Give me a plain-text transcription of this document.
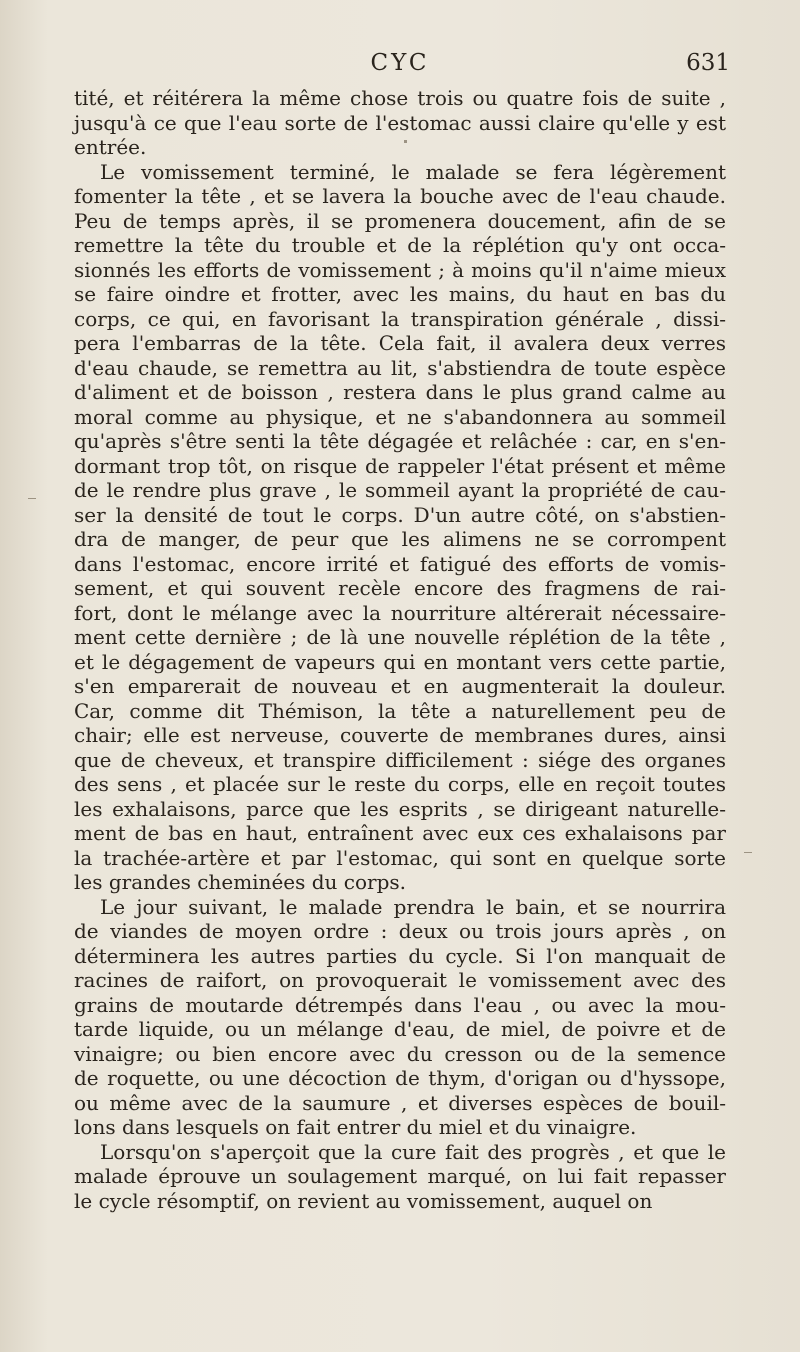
CYC	631
tité, et réitérera la même chose trois ou quatre fois de suite ,
jusqu'à ce que l'eau sorte de l'estomac aussi claire qu'elle y est
entrée.
Le vomissement terminé, le malade se fera légèrement
fomenter la tête , et se lavera la bouche avec de l'eau chaude.
Peu de temps après, il se promenera doucement, afin de se
remettre la tête du trouble et de la réplétion qu'y ont occa-
sionnés les efforts de vomissement ; à moins qu'il n'aime mieux
se faire oindre et frotter, avec les mains, du haut en bas du
corps, ce qui, en favorisant la transpiration générale , dissi-
pera l'embarras de la tête. Cela fait, il avalera deux verres
d'eau chaude, se remettra au lit, s'abstiendra de toute espèce
d'aliment et de boisson , restera dans le plus grand calme au
moral comme au physique, et ne s'abandonnera au sommeil
qu'après s'être senti la tête dégagée et relâchée : car, en s'en-
dormant trop tôt, on risque de rappeler l'état présent et même
de le rendre plus grave , le sommeil ayant la propriété de cau-
ser la densité de tout le corps. D'un autre côté, on s'abstien-
dra de manger, de peur que les alimens ne se corrompent
dans l'estomac, encore irrité et fatigué des efforts de vomis-
sement, et qui souvent recèle encore des fragmens de rai-
fort, dont le mélange avec la nourriture altérerait nécessaire-
ment cette dernière ; de là une nouvelle réplétion de la tête ,
et le dégagement de vapeurs qui en montant vers cette partie,
s'en emparerait de nouveau et en augmenterait la douleur.
Car, comme dit Thémison, la tête a naturellement peu de
chair; elle est nerveuse, couverte de membranes dures, ainsi
que de cheveux, et transpire difficilement : siége des organes
des sens , et placée sur le reste du corps, elle en reçoit toutes
les exhalaisons, parce que les esprits , se dirigeant naturelle-
ment de bas en haut, entraînent avec eux ces exhalaisons par
la trachée-artère et par l'estomac, qui sont en quelque sorte
les grandes cheminées du corps.
Le jour suivant, le malade prendra le bain, et se nourrira
de viandes de moyen ordre : deux ou trois jours après , on
déterminera les autres parties du cycle. Si l'on manquait de
racines de raifort, on provoquerait le vomissement avec des
grains de moutarde détrempés dans l'eau , ou avec la mou-
tarde liquide, ou un mélange d'eau, de miel, de poivre et de
vinaigre; ou bien encore avec du cresson ou de la semence
de roquette, ou une décoction de thym, d'origan ou d'hyssope,
ou même avec de la saumure , et diverses espèces de bouil-
lons dans lesquels on fait entrer du miel et du vinaigre.
Lorsqu'on s'aperçoit que la cure fait des progrès , et que le
malade éprouve un soulagement marqué, on lui fait repasser
le cycle résomptif, on revient au vomissement, auquel on
